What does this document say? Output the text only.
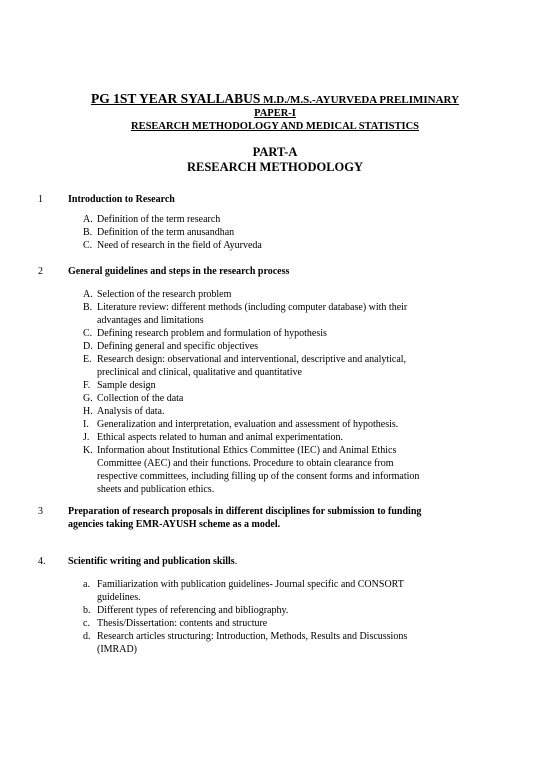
PG 1ST YEAR SYALLABUS M.D./M.S.-AYURVEDA PRELIMINARY
PAPER-I
RESEARCH METHODOLOGY AND MEDICAL STATISTICS
PART-A
RESEARCH METHODOLOGY
1	Introduction to Research
A. Definition of the term research
B. Definition of the term anusandhan
C. Need of research in the field of Ayurveda
2	General guidelines and steps in the research process
A. Selection of the research problem
B. Literature review: different methods (including computer database) with their advantages and limitations
C. Defining research problem and formulation of hypothesis
D. Defining general and specific objectives
E. Research design: observational and interventional, descriptive and analytical, preclinical and clinical, qualitative and quantitative
F. Sample design
G. Collection of the data
H. Analysis of data.
I. Generalization and interpretation, evaluation and assessment of hypothesis.
J. Ethical aspects related to human and animal experimentation.
K. Information about Institutional Ethics Committee (IEC) and Animal Ethics Committee (AEC) and their functions. Procedure to obtain clearance from respective committees, including filling up of the consent forms and information sheets and publication ethics.
3	Preparation of research proposals in different disciplines for submission to funding agencies taking EMR-AYUSH scheme as a model.
4. Scientific writing and publication skills.
a. Familiarization with publication guidelines- Journal specific and CONSORT guidelines.
b. Different types of referencing and bibliography.
c. Thesis/Dissertation: contents and structure
d. Research articles structuring: Introduction, Methods, Results and Discussions (IMRAD)
